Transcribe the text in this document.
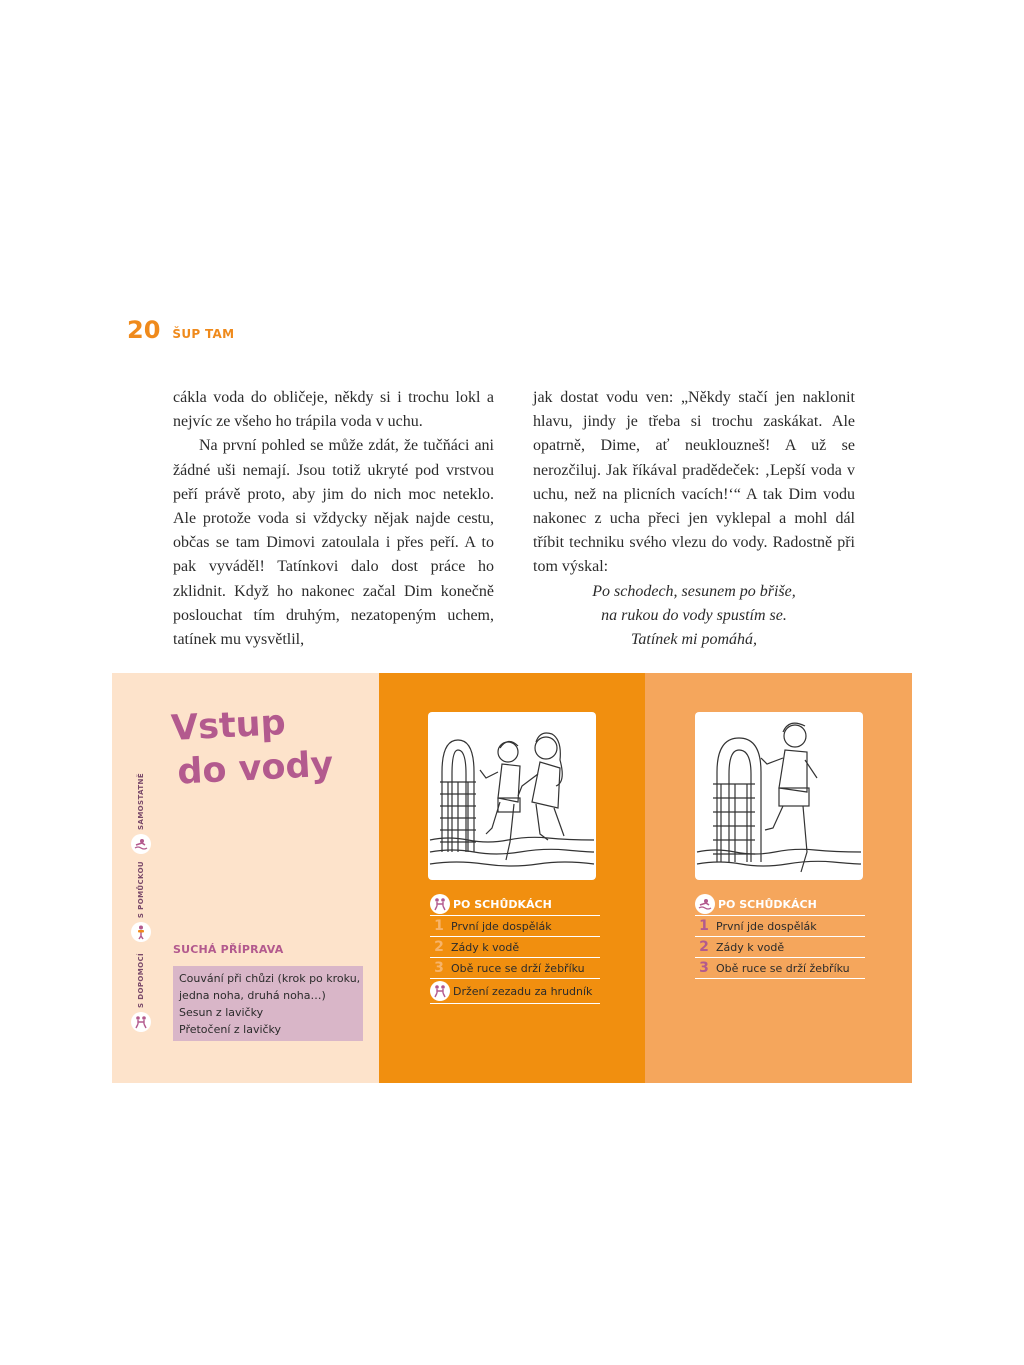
20 ŠUP TAM

cákla voda do obličeje, někdy si i trochu lokl a nejvíc ze všeho ho trápila voda v uchu.

Na první pohled se může zdát, že tučňáci ani žádné uši nemají. Jsou totiž ukryté pod vrstvou peří právě proto, aby jim do nich moc neteklo. Ale protože voda si vždycky nějak najde cestu, občas se tam Dimovi zatoulala i přes peří. A to pak vyváděl! Tatínkovi dalo dost práce ho zklidnit. Když ho nakonec začal Dim konečně poslouchat tím druhým, nezatopeným uchem, tatínek mu vysvětlil,

jak dostat vodu ven: „Někdy stačí jen naklonit hlavu, jindy je třeba si trochu zaskákat. Ale opatrně, Dime, ať neuklouzneš! A už se nerozčiluj. Jak říkával pradědeček: ‚Lepší voda v uchu, než na plicních vacích!‘“ A tak Dim vodu nakonec z ucha přeci jen vyklepal a mohl dál tříbit techniku svého vlezu do vody. Radostně při tom výskal:

Po schodech, sesunem po břiše,
na rukou do vody spustím se.
Tatínek mi pomáhá,
Vstup
do vody
SAMOSTATNĚ
S POMŮCKOU
S DOPOMOCÍ
SUCHÁ PŘÍPRAVA
Couvání při chůzi (krok po kroku,
jedna noha, druhá noha…)
Sesun z lavičky
Přetočení z lavičky
PO SCHŮDKÁCH
1 První jde dospělák
2 Zády k vodě
3 Obě ruce se drží žebříku
Držení zezadu za hrudník
PO SCHŮDKÁCH
1 První jde dospělák
2 Zády k vodě
3 Obě ruce se drží žebříku
